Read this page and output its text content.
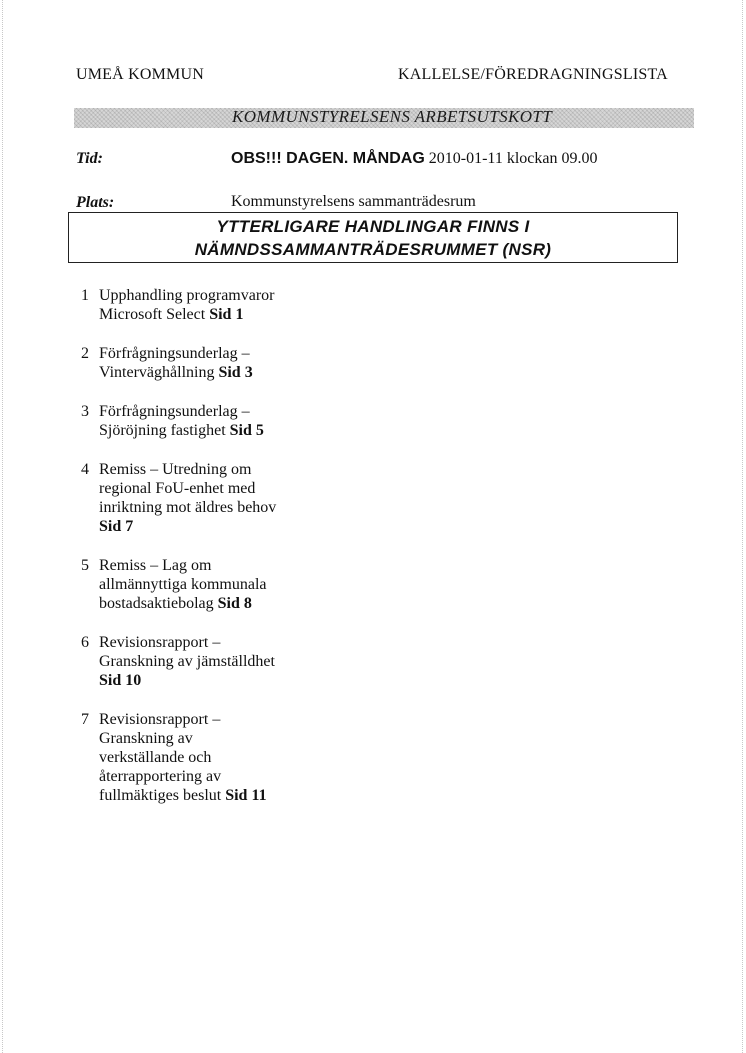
UMEÅ KOMMUN	KALLELSE/FÖREDRAGNINGSLISTA
KOMMUNSTYRELSENS ARBETSUTSKOTT
Tid:	OBS!!! DAGEN. MÅNDAG 2010-01-11 klockan 09.00
Plats:	Kommunstyrelsens sammanträdesrum
YTTERLIGARE HANDLINGAR FINNS I
NÄMNDSSAMMANTRÄDESRUMMET (NSR)
1 Upphandling programvaror
Microsoft Select Sid 1
2 Förfrågningsunderlag –
Vinterväghållning Sid 3
3 Förfrågningsunderlag –
Sjöröjning fastighet Sid 5
4 Remiss – Utredning om
regional FoU-enhet med
inriktning mot äldres behov
Sid 7
5 Remiss – Lag om
allmännyttiga kommunala
bostadsaktiebolag Sid 8
6 Revisionsrapport –
Granskning av jämställdhet
Sid 10
7 Revisionsrapport –
Granskning av
verkställande och
återrapportering av
fullmäktiges beslut Sid 11
